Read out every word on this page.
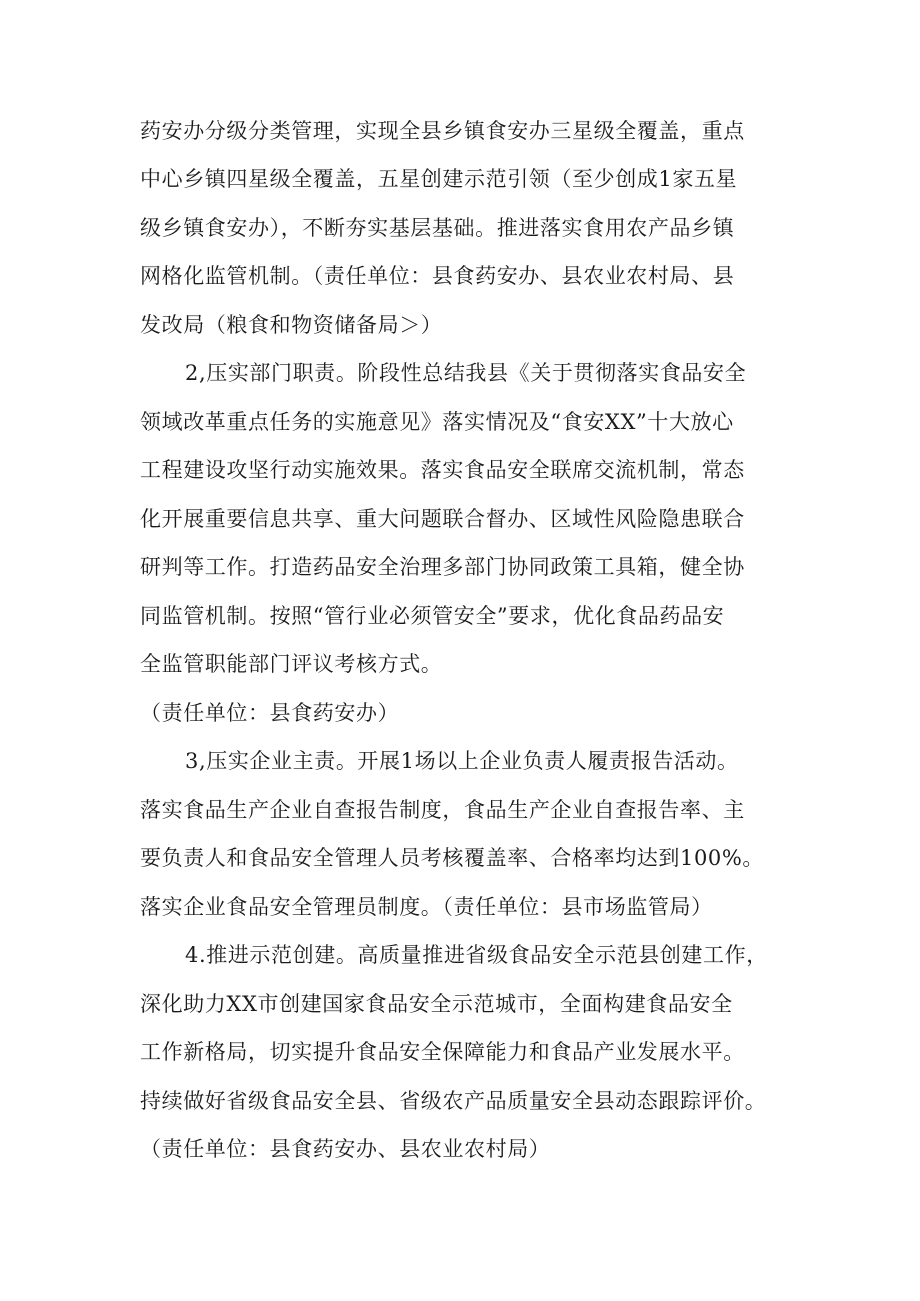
药安办分级分类管理，实现全县乡镇食安办三星级全覆盖，重点
中心乡镇四星级全覆盖，五星创建示范引领（至少创成1家五星
级乡镇食安办），不断夯实基层基础。推进落实食用农产品乡镇
网格化监管机制。（责任单位：县食药安办、县农业农村局、县
发改局（粮食和物资储备局＞）
2,压实部门职责。阶段性总结我县《关于贯彻落实食品安全
领域改革重点任务的实施意见》落实情况及“食安XX”十大放心
工程建设攻坚行动实施效果。落实食品安全联席交流机制，常态
化开展重要信息共享、重大问题联合督办、区域性风险隐患联合
研判等工作。打造药品安全治理多部门协同政策工具箱，健全协
同监管机制。按照“管行业必须管安全”要求，优化食品药品安
全监管职能部门评议考核方式。
（责任单位：县食药安办）
3,压实企业主责。开展1场以上企业负责人履责报告活动。
落实食品生产企业自查报告制度，食品生产企业自查报告率、主
要负责人和食品安全管理人员考核覆盖率、合格率均达到100%。
落实企业食品安全管理员制度。（责任单位：县市场监管局）
4.推进示范创建。高质量推进省级食品安全示范县创建工作，
深化助力XX市创建国家食品安全示范城市，全面构建食品安全
工作新格局，切实提升食品安全保障能力和食品产业发展水平。
持续做好省级食品安全县、省级农产品质量安全县动态跟踪评价。
（责任单位：县食药安办、县农业农村局）
